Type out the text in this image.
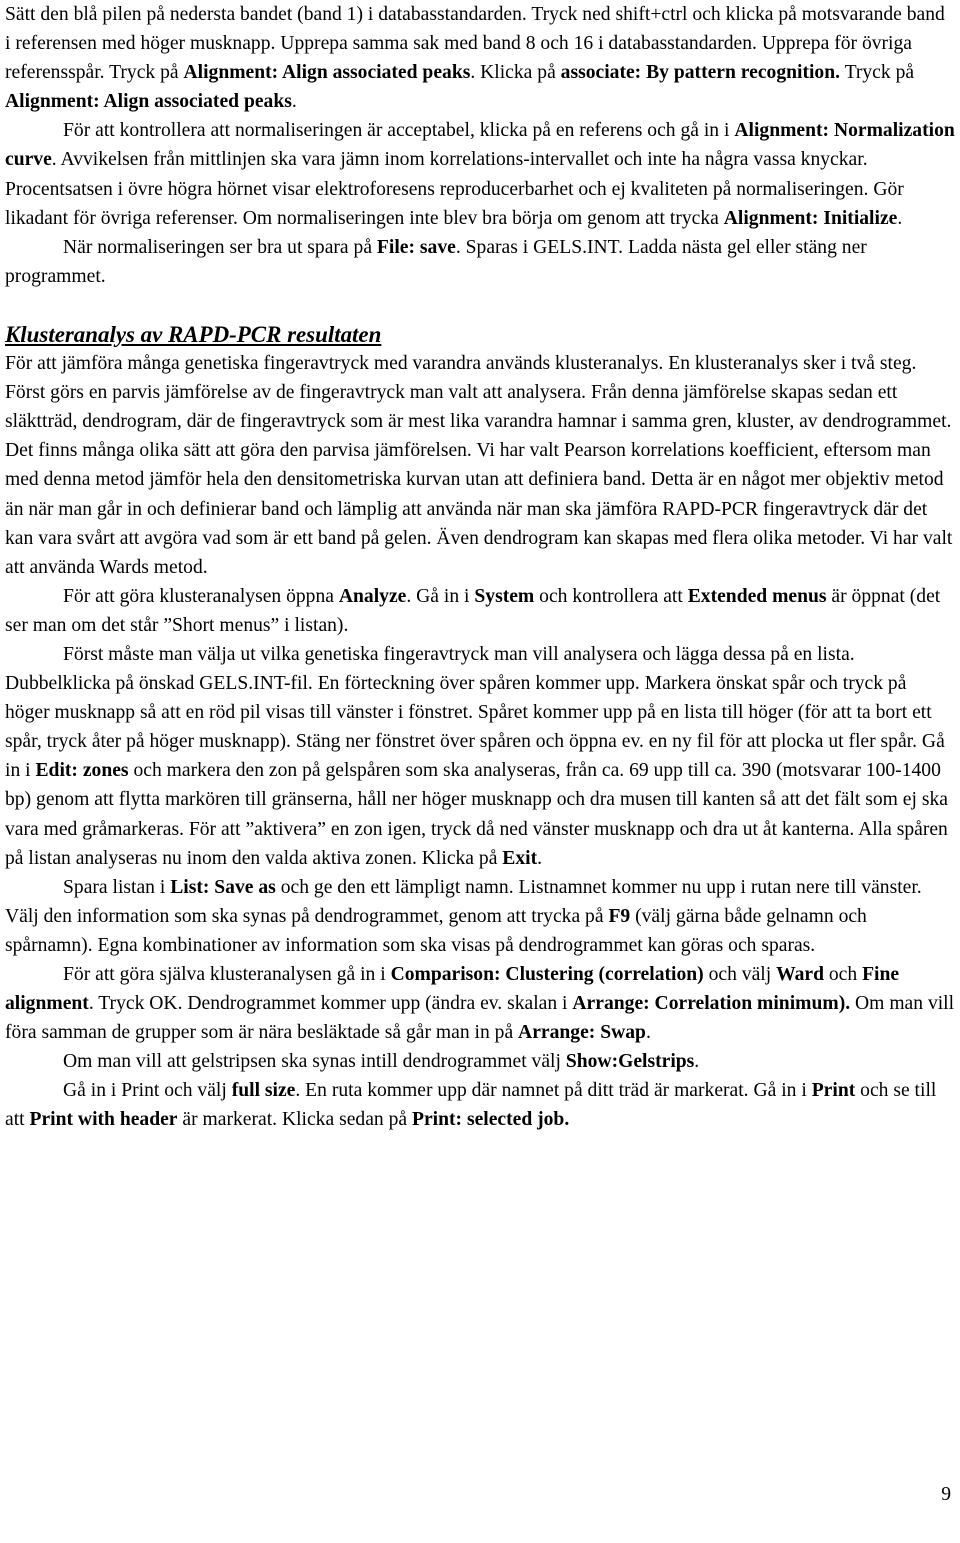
Sätt den blå pilen på nedersta bandet (band 1) i databasstandarden. Tryck ned shift+ctrl och klicka på motsvarande band i referensen med höger musknapp. Upprepa samma sak med band 8 och 16 i databasstandarden. Upprepa för övriga referensspår. Tryck på Alignment: Align associated peaks. Klicka på associate: By pattern recognition. Tryck på Alignment: Align associated peaks.

För att kontrollera att normaliseringen är acceptabel, klicka på en referens och gå in i Alignment: Normalization curve. Avvikelsen från mittlinjen ska vara jämn inom korrelations-intervallet och inte ha några vassa knyckar. Procentsatsen i övre högra hörnet visar elektroforesens reproducerbarhet och ej kvaliteten på normaliseringen. Gör likadant för övriga referenser. Om normaliseringen inte blev bra börja om genom att trycka Alignment: Initialize.

När normaliseringen ser bra ut spara på File: save. Sparas i GELS.INT. Ladda nästa gel eller stäng ner programmet.

Klusteranalys av RAPD-PCR resultaten

För att jämföra många genetiska fingeravtryck med varandra används klusteranalys. En klusteranalys sker i två steg. Först görs en parvis jämförelse av de fingeravtryck man valt att analysera. Från denna jämförelse skapas sedan ett släktträd, dendrogram, där de fingeravtryck som är mest lika varandra hamnar i samma gren, kluster, av dendrogrammet. Det finns många olika sätt att göra den parvisa jämförelsen. Vi har valt Pearson korrelations koefficient, eftersom man med denna metod jämför hela den densitometriska kurvan utan att definiera band. Detta är en något mer objektiv metod än när man går in och definierar band och lämplig att använda när man ska jämföra RAPD-PCR fingeravtryck där det kan vara svårt att avgöra vad som är ett band på gelen. Även dendrogram kan skapas med flera olika metoder. Vi har valt att använda Wards metod.

För att göra klusteranalysen öppna Analyze. Gå in i System och kontrollera att Extended menus är öppnat (det ser man om det står ”Short menus” i listan).

Först måste man välja ut vilka genetiska fingeravtryck man vill analysera och lägga dessa på en lista. Dubbelklicka på önskad GELS.INT-fil. En förteckning över spåren kommer upp. Markera önskat spår och tryck på höger musknapp så att en röd pil visas till vänster i fönstret. Spåret kommer upp på en lista till höger (för att ta bort ett spår, tryck åter på höger musknapp). Stäng ner fönstret över spåren och öppna ev. en ny fil för att plocka ut fler spår. Gå in i Edit: zones och markera den zon på gelspåren som ska analyseras, från ca. 69 upp till ca. 390 (motsvarar 100-1400 bp) genom att flytta markören till gränserna, håll ner höger musknapp och dra musen till kanten så att det fält som ej ska vara med gråmarkeras. För att ”aktivera” en zon igen, tryck då ned vänster musknapp och dra ut åt kanterna. Alla spåren på listan analyseras nu inom den valda aktiva zonen. Klicka på Exit.

Spara listan i List: Save as och ge den ett lämpligt namn. Listnamnet kommer nu upp i rutan nere till vänster. Välj den information som ska synas på dendrogrammet, genom att trycka på F9 (välj gärna både gelnamn och spårnamn). Egna kombinationer av information som ska visas på dendrogrammet kan göras och sparas.

För att göra själva klusteranalysen gå in i Comparison: Clustering (correlation) och välj Ward och Fine alignment. Tryck OK. Dendrogrammet kommer upp (ändra ev. skalan i Arrange: Correlation minimum). Om man vill föra samman de grupper som är nära besläktade så går man in på Arrange: Swap.

Om man vill att gelstripsen ska synas intill dendrogrammet välj Show:Gelstrips.

Gå in i Print och välj full size. En ruta kommer upp där namnet på ditt träd är markerat. Gå in i Print och se till att Print with header är markerat. Klicka sedan på Print: selected job.

9
